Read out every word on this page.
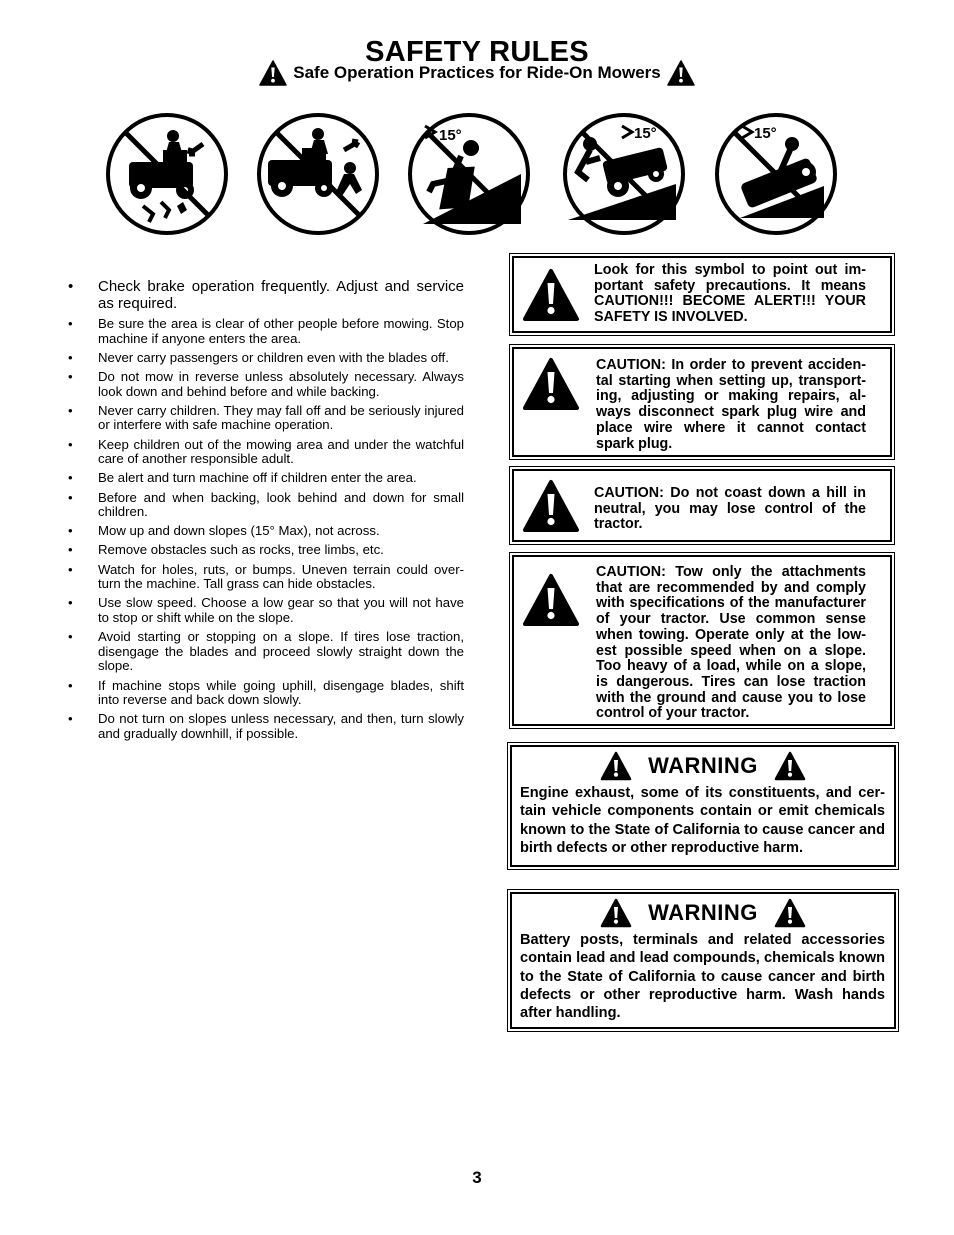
SAFETY RULES
Safe Operation Practices for Ride-On Mowers
15°	15°	15°
• Check brake operation frequently. Adjust and service as required.
• Be sure the area is clear of other people before mowing. Stop machine if anyone enters the area.
• Never carry passengers or children even with the blades off.
• Do not mow in reverse unless absolutely necessary. Always look down and behind before and while backing.
• Never carry children. They may fall off and be seriously injured or interfere with safe machine operation.
• Keep children out of the mowing area and under the watchful care of another responsible adult.
• Be alert and turn machine off if children enter the area.
• Before and when backing, look behind and down for small children.
• Mow up and down slopes (15° Max), not across.
• Remove obstacles such as rocks, tree limbs, etc.
• Watch for holes, ruts, or bumps. Uneven terrain could over-turn the machine. Tall grass can hide obstacles.
• Use slow speed. Choose a low gear so that you will not have to stop or shift while on the slope.
• Avoid starting or stopping on a slope. If tires lose traction, disengage the blades and proceed slowly straight down the slope.
• If machine stops while going uphill, disengage blades, shift into reverse and back down slowly.
• Do not turn on slopes unless necessary, and then, turn slowly and gradually downhill, if possible.
Look for this symbol to point out im-portant safety precautions. It means CAUTION!!! BECOME ALERT!!! YOUR SAFETY IS INVOLVED.
CAUTION: In order to prevent acciden-tal starting when setting up, transport-ing, adjusting or making repairs, al-ways disconnect spark plug wire and place wire where it cannot contact spark plug.
CAUTION: Do not coast down a hill in neutral, you may lose control of the tractor.
CAUTION: Tow only the attachments that are recommended by and comply with specifications of the manufacturer of your tractor. Use common sense when towing. Operate only at the low-est possible speed when on a slope. Too heavy of a load, while on a slope, is dangerous. Tires can lose traction with the ground and cause you to lose control of your tractor.
WARNING
Engine exhaust, some of its constituents, and cer-tain vehicle components contain or emit chemicals known to the State of California to cause cancer and birth defects or other reproductive harm.
WARNING
Battery posts, terminals and related accessories contain lead and lead compounds, chemicals known to the State of California to cause cancer and birth defects or other reproductive harm. Wash hands after handling.
3
